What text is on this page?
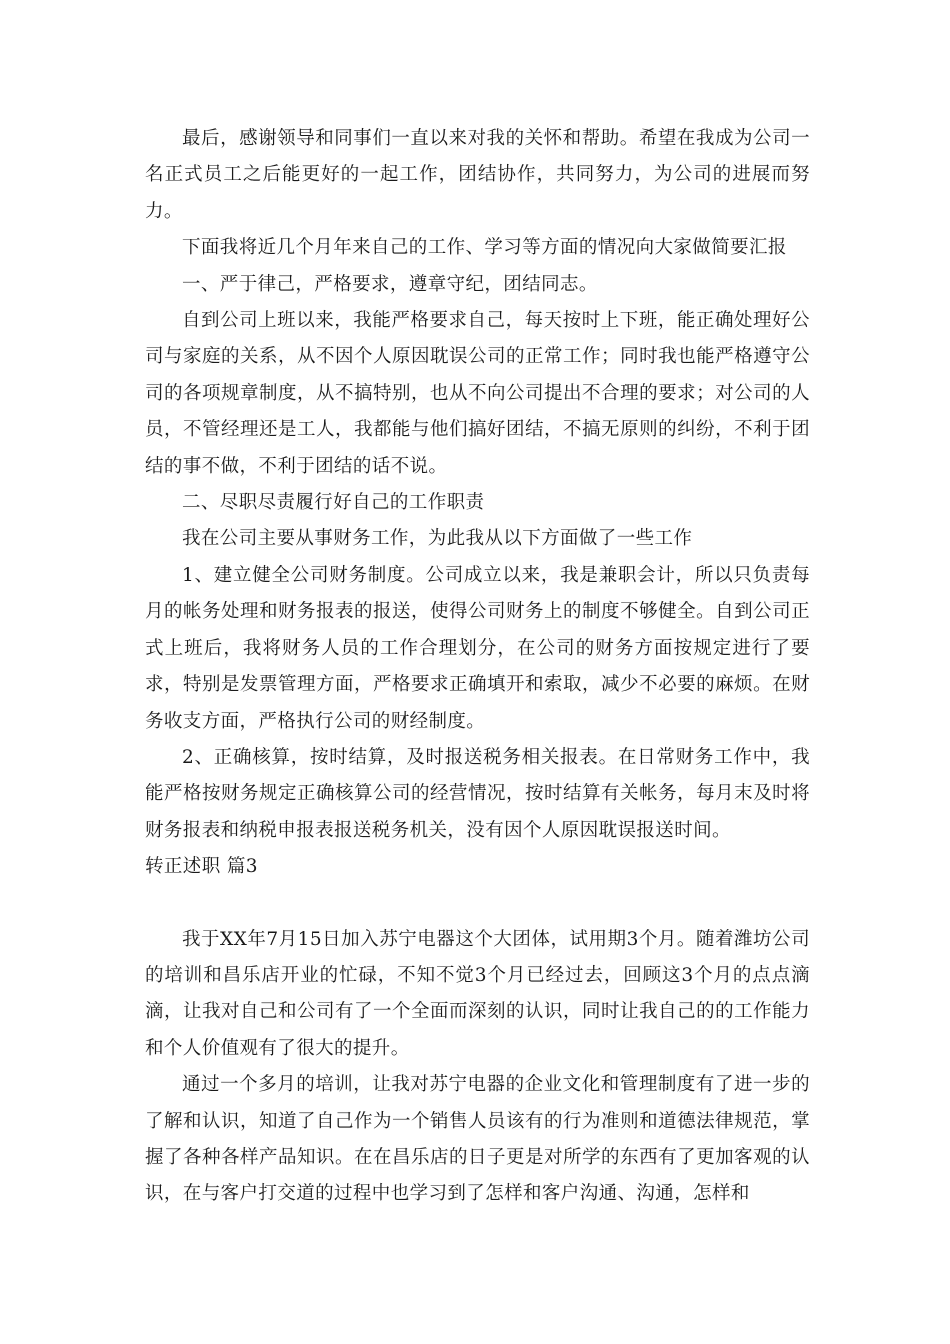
最后，感谢领导和同事们一直以来对我的关怀和帮助。希望在我成为公司一名正式员工之后能更好的一起工作，团结协作，共同努力，为公司的进展而努力。

下面我将近几个月年来自己的工作、学习等方面的情况向大家做简要汇报

一、严于律己，严格要求，遵章守纪，团结同志。

自到公司上班以来，我能严格要求自己，每天按时上下班，能正确处理好公司与家庭的关系，从不因个人原因耽误公司的正常工作；同时我也能严格遵守公司的各项规章制度，从不搞特别，也从不向公司提出不合理的要求；对公司的人员，不管经理还是工人，我都能与他们搞好团结，不搞无原则的纠纷，不利于团结的事不做，不利于团结的话不说。

二、尽职尽责履行好自己的工作职责

我在公司主要从事财务工作，为此我从以下方面做了一些工作

1、建立健全公司财务制度。公司成立以来，我是兼职会计，所以只负责每月的帐务处理和财务报表的报送，使得公司财务上的制度不够健全。自到公司正式上班后，我将财务人员的工作合理划分，在公司的财务方面按规定进行了要求，特别是发票管理方面，严格要求正确填开和索取，减少不必要的麻烦。在财务收支方面，严格执行公司的财经制度。

2、正确核算，按时结算，及时报送税务相关报表。在日常财务工作中，我能严格按财务规定正确核算公司的经营情况，按时结算有关帐务，每月末及时将财务报表和纳税申报表报送税务机关，没有因个人原因耽误报送时间。

转正述职 篇3

我于XX年7月15日加入苏宁电器这个大团体，试用期3个月。随着潍坊公司的培训和昌乐店开业的忙碌，不知不觉3个月已经过去，回顾这3个月的点点滴滴，让我对自己和公司有了一个全面而深刻的认识，同时让我自己的的工作能力和个人价值观有了很大的提升。

通过一个多月的培训，让我对苏宁电器的企业文化和管理制度有了进一步的了解和认识，知道了自己作为一个销售人员该有的行为准则和道德法律规范，掌握了各种各样产品知识。在在昌乐店的日子更是对所学的东西有了更加客观的认识，在与客户打交道的过程中也学习到了怎样和客户沟通、沟通，怎样和
